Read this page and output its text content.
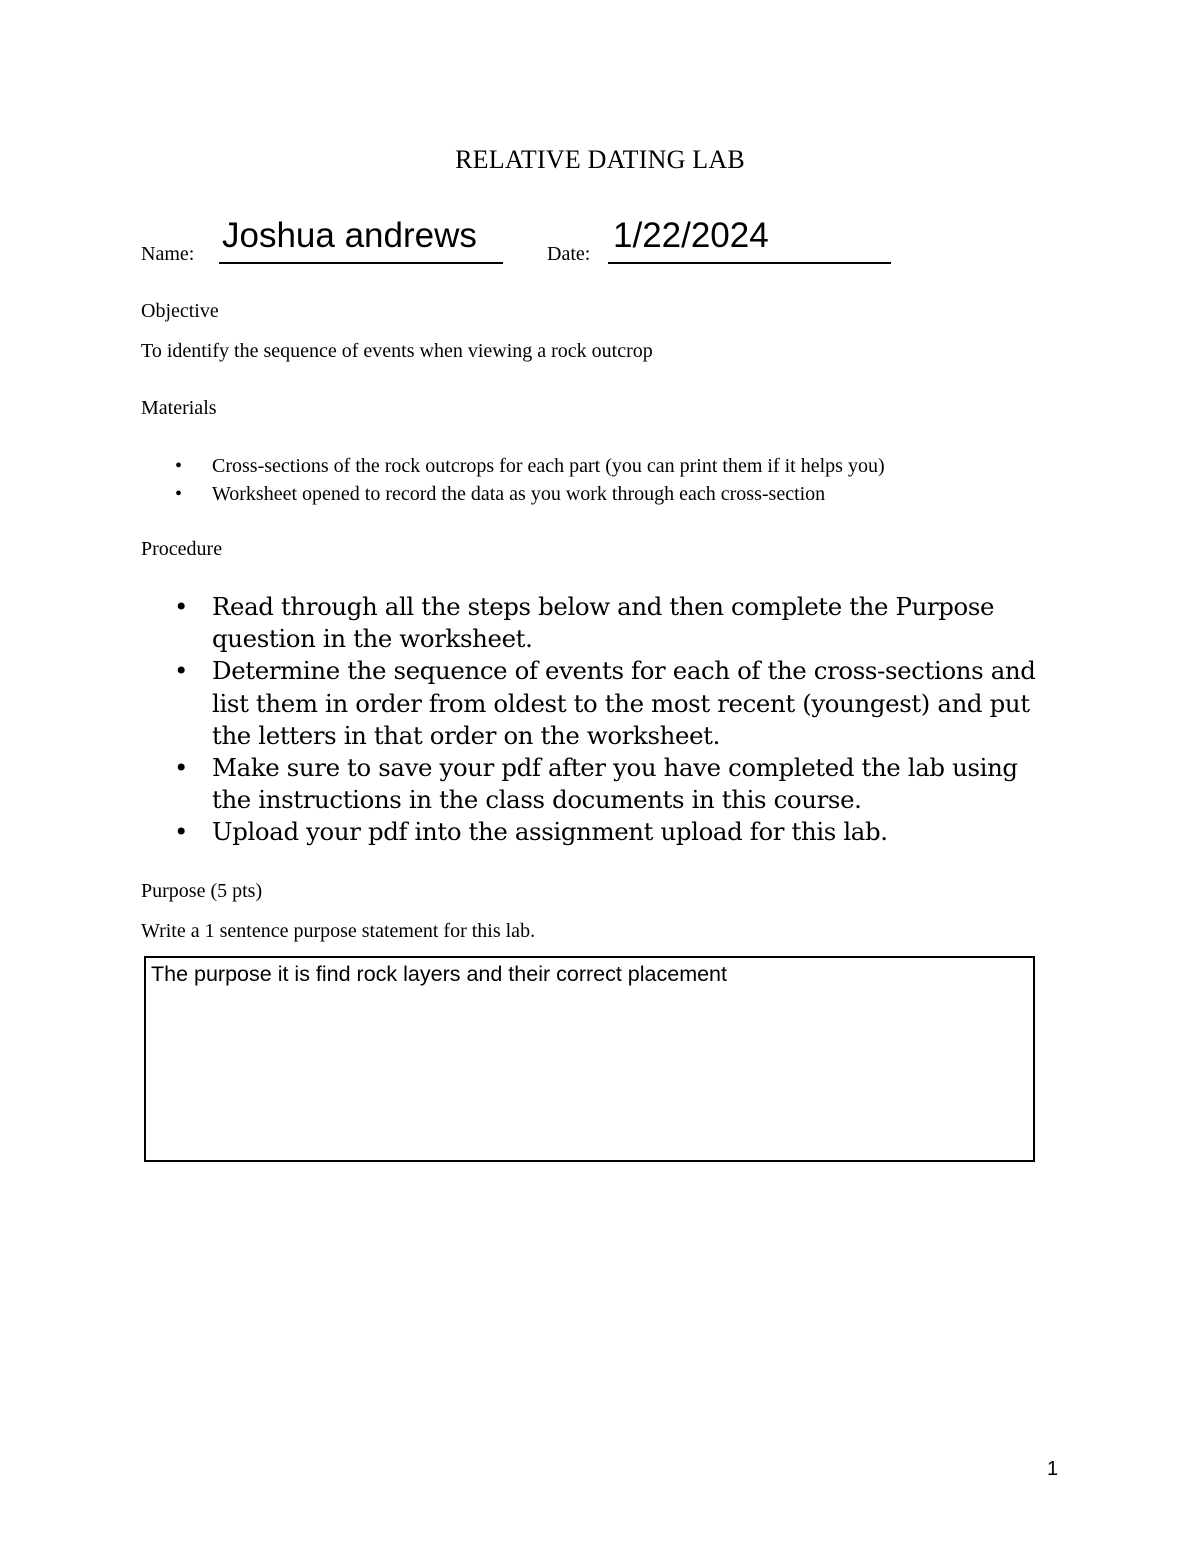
RELATIVE DATING LAB
Name: Joshua andrews	Date: 1/22/2024
Objective
To identify the sequence of events when viewing a rock outcrop
Materials
• Cross-sections of the rock outcrops for each part (you can print them if it helps you)
• Worksheet opened to record the data as you work through each cross-section
Procedure
• Read through all the steps below and then complete the Purpose question in the worksheet.
• Determine the sequence of events for each of the cross-sections and list them in order from oldest to the most recent (youngest) and put the letters in that order on the worksheet.
• Make sure to save your pdf after you have completed the lab using the instructions in the class documents in this course.
• Upload your pdf into the assignment upload for this lab.
Purpose (5 pts)
Write a 1 sentence purpose statement for this lab.
The purpose it is find rock layers and their correct placement
1
